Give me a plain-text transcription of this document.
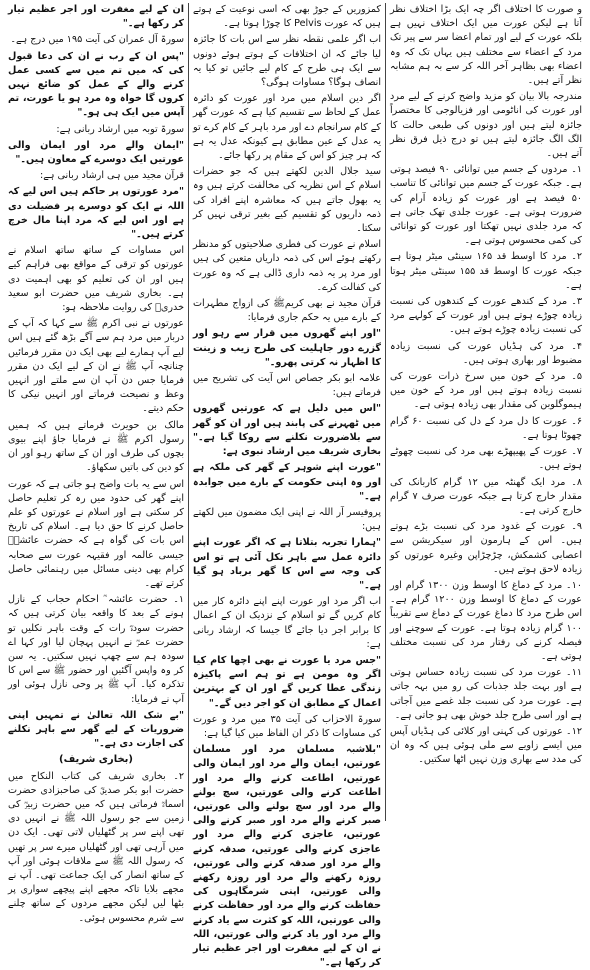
و صورت کا اختلاف اگر چہ ایک بڑا اختلاف نظر آتا ہے لیکن عورت میں ایک اختلاف نہیں ہے بلکہ عورت کے لیے اور تمام اعضا سر سے پیر تک مرد کے اعضاء سے مختلف ہیں یہاں تک کہ وہ اعضاء بھی بظاہر آخر اللہ کر سے بہ ہم مشابہ نظر آتے ہیں۔

مندرجہ بالا بیان کو مزید واضح کرنے کے لیے مرد اور عورت کی اناٹومی اور فزیالوجی کا مختصراً جائزہ لیتے ہیں اور دونوں کی طبعی حالت کا الگ الگ جائزہ لیتے ہیں تو درج ذیل فرق نظر آتے ہیں۔

۱۔ مردوں کے جسم میں توانائی ۹۰ فیصد ہوتی ہے۔ جبکہ عورت کے جسم میں توانائی کا تناسب ۵۰ فیصد ہے اور عورت کو زیادہ آرام کی ضرورت ہوتی ہے۔ عورت جلدی تھک جاتی ہے کہ مرد جلدی نہیں تھکتا اور عورت کو توانائی کی کمی محسوس ہوتی ہے۔

۲۔ مرد کا اوسط قد ۱۶۵ سینٹی میٹر ہوتا ہے جبکہ عورت کا اوسط قد ۱۵۵ سینٹی میٹر ہوتا ہے۔

۳۔ مرد کے کندھے عورت کے کندھوں کی نسبت زیادہ چوڑے ہوتے ہیں اور عورت کے کولہے مرد کی نسبت زیادہ چوڑے ہوتے ہیں۔

۴۔ مرد کی ہڈیاں عورت کی نسبت زیادہ مضبوط اور بھاری ہوتی ہیں۔

۵۔ مرد کے خون میں سرخ ذرات عورت کی نسبت زیادہ ہوتے ہیں اور مرد کے خون میں ہیموگلوبن کی مقدار بھی زیادہ ہوتی ہے۔

۶۔ عورت کا دل مرد کے دل کی نسبت ۶۰ گرام چھوٹا ہوتا ہے۔

۷۔ عورت کے پھیپھڑے بھی مرد کی نسبت چھوٹے ہوتے ہیں۔

۸۔ مرد ایک گھنٹہ میں ۱۲ گرام کاربانک کی مقدار خارج کرتا ہے جبکہ عورت صرف ۷ گرام خارج کرتی ہے۔

۹۔ عورت کے غدود مرد کی نسبت بڑے ہوتے ہیں۔ اس کے ہارمون اور سیکریشن سے اعصابی کشمکش، چڑچڑاپن وغیرہ عورتوں کو زیادہ لاحق ہوتے ہیں۔

۱۰۔ مرد کے دماغ کا اوسط وزن ۱۳۰۰ گرام اور عورت کے دماغ کا اوسط وزن ۱۲۰۰ گرام ہے۔ اس طرح مرد کا دماغ عورت کے دماغ سے تقریباً ۱۰۰ گرام زیادہ ہوتا ہے۔ عورت کے سوچنے اور فیصلہ کرنے کی رفتار مرد کی نسبت مختلف ہوتی ہے۔

۱۱۔ عورت مرد کی نسبت زیادہ حساس ہوتی ہے اور بہت جلد جذبات کی رو میں بہہ جاتی ہے۔ عورت مرد کی نسبت جلد غصے میں آجاتی ہے اور اسی طرح جلد خوش بھی ہو جاتی ہے۔

۱۲۔ عورتوں کی کہنی اور کلائی کی ہڈیاں آپس میں ایسے زاویے سے ملی ہوئی ہیں کہ وہ ان کی مدد سے بھاری وزن نہیں اٹھا سکتیں۔

کمزوریں کے جوڑ بھی کہ اسی نوعیت کے ہوتے ہیں کہ عورت Pelvis کا چوڑا ہوتا ہے۔

اب اگر علمی نقطہ نظر سے اس بات کا جائزہ لیا جائے کہ ان اختلافات کے ہوتے ہوئے دونوں سے ایک ہی طرح کے کام لیے جائیں تو کیا یہ انصاف ہوگا؟ مساوات ہوگی؟

اگر دین اسلام میں مرد اور عورت کو دائرہ عمل کے لحاظ سے تقسیم کیا ہے کہ عورت گھر کے کام سرانجام دے اور مرد باہر کے کام کرے تو یہ عدل کے عین مطابق ہے کیونکہ عدل یہ ہے کہ ہر چیز کو اس کے مقام پر رکھا جائے۔

سید جلال الدین لکھتے ہیں کہ جو حضرات اسلام کے اس نظریہ کی مخالفت کرتے ہیں وہ یہ بھول جاتے ہیں کہ معاشرہ اپنے افراد کی ذمہ داریوں کو تقسیم کیے بغیر ترقی نہیں کر سکتا۔

اسلام نے عورت کی فطری صلاحیتوں کو مدنظر رکھتے ہوئے اس کی ذمہ داریاں متعین کی ہیں اور مرد پر یہ ذمہ داری ڈالی ہے کہ وہ عورت کی کفالت کرے۔

قرآن مجید نے بھی کریمﷺ کی ازواج مطہرات کے بارے میں یہ حکم جاری فرمایا:

"اور اپنے گھروں میں قرار سے رہو اور گزرے دور جاہلیت کی طرح زیب و زینت کا اظہار نہ کرتی پھرو۔"

علامہ ابو بکر جصاص اس آیت کی تشریح میں فرماتے ہیں:

"اس میں دلیل ہے کہ عورتیں گھروں میں ٹھہرنے کی پابند ہیں اور ان کو گھر سے بلاضرورت نکلنے سے روکا گیا ہے۔" بخاری شریف میں ارشاد نبوی ہے:

"عورت اپنے شوہر کے گھر کی ملکہ ہے اور وہ اپنی حکومت کے بارے میں جوابدہ ہے۔"

پروفیسر آر اللہ نے اپنی ایک مضمون میں لکھتے ہیں:

"ہمارا تجربہ بتلاتا ہے کہ اگر عورت اپنے دائرہ عمل سے باہر نکل آئی ہے تو اس کی وجہ سے اس کا گھر برباد ہو گیا ہے۔"

اب اگر مرد اور عورت اپنے اپنے دائرہ کار میں کام کریں گے تو اسلام کے نزدیک ان کے اعمال کا برابر اجر دیا جائے گا جیسا کہ ارشاد ربانی ہے:

"جس مرد یا عورت نے بھی اچھا کام کیا اگر وہ مومن ہے تو ہم اسے پاکیزہ زندگی عطا کریں گے اور ان کے بہترین اعمال کے مطابق ان کو اجر دیں گے۔"

سورۃ الاحزاب کی آیت ۳۵ میں مرد و عورت کی مساوات کا ذکر ان الفاظ میں کیا گیا ہے:

"بلاشبہ مسلمان مرد اور مسلمان عورتیں، ایمان والے مرد اور ایمان والی عورتیں، اطاعت کرنے والے مرد اور اطاعت کرنے والی عورتیں، سچ بولنے والے مرد اور سچ بولنے والی عورتیں، صبر کرنے والے مرد اور صبر کرنے والی عورتیں، عاجزی کرنے والے مرد اور عاجزی کرنے والی عورتیں، صدقہ کرنے والے مرد اور صدقہ کرنے والی عورتیں، روزہ رکھنے والے مرد اور روزہ رکھنے والی عورتیں، اپنی شرمگاہوں کی حفاظت کرنے والے مرد اور حفاظت کرنے والی عورتیں، اللہ کو کثرت سے یاد کرنے والے مرد اور یاد کرنے والی عورتیں، اللہ نے ان کے لیے مغفرت اور اجر عظیم تیار کر رکھا ہے۔"

ان کے لیے مغفرت اور اجر عظیم تیار کر رکھا ہے۔"

سورۃ آل عمران کی آیت ۱۹۵ میں درج ہے۔

"پس ان کے رب نے ان کی دعا قبول کی کہ میں تم میں سے کسی عمل کرنے والے کے عمل کو ضائع نہیں کروں گا خواہ وہ مرد ہو یا عورت، تم آپس میں ایک ہی ہو۔"

سورۃ توبہ میں ارشاد ربانی ہے:

"ایمان والے مرد اور ایمان والی عورتیں ایک دوسرے کے معاون ہیں۔"

قرآن مجید میں ہی ارشاد ربانی ہے:

"مرد عورتوں پر حاکم ہیں اس لیے کہ اللہ نے ایک کو دوسرے پر فضیلت دی ہے اور اس لیے کہ مرد اپنا مال خرچ کرتے ہیں۔"

اس مساوات کے ساتھ ساتھ اسلام نے عورتوں کو ترقی کے مواقع بھی فراہم کیے ہیں اور ان کی تعلیم کو بھی اہمیت دی ہے۔ بخاری شریف میں حضرت ابو سعید خدریؓ کی روایت ملاحظہ ہو:

عورتوں نے نبی اکرم ﷺ سے کہا کہ آپ کے دربار میں مرد ہم سے آگے بڑھ گئے ہیں اس لیے آپ ہمارے لیے بھی ایک دن مقرر فرمائیں چنانچہ آپ ﷺ نے ان کے لیے ایک دن مقرر فرمایا جس دن آپ ان سے ملتے اور انہیں وعظ و نصیحت فرماتے اور انہیں نیکی کا حکم دیتے۔

مالک بن حویرث فرماتے ہیں کہ ہمیں رسول اکرم ﷺ نے فرمایا جاؤ اپنے بیوی بچوں کی طرف اور ان کے ساتھ رہو اور ان کو دین کی باتیں سکھاؤ۔

اس سے یہ بات واضح ہو جاتی ہے کہ عورت اپنے گھر کی حدود میں رہ کر تعلیم حاصل کر سکتی ہے اور اسلام نے عورتوں کو علم حاصل کرنے کا حق دیا ہے۔ اسلام کی تاریخ اس بات کی گواہ ہے کہ حضرت عائشہؓ جیسی عالمہ اور فقیہہ عورت سے صحابہ کرام بھی دینی مسائل میں رہنمائی حاصل کرتے تھے۔

۱۔ حضرت عائشہ ؓ احکام حجاب کے نازل ہونے کے بعد کا واقعہ بیان کرتی ہیں کہ حضرت سودہؓ رات کے وقت باہر نکلیں تو حضرت عمرؓ نے انہیں پہچان لیا اور کہا اے سودہ ہم سے چھپ نہیں سکتیں۔ یہ سن کر وہ واپس آگئیں اور حضور ﷺ سے اس کا تذکرہ کیا۔ آپ ﷺ پر وحی نازل ہوئی اور آپ نے فرمایا:

"بے شک اللہ تعالیٰ نے تمہیں اپنی ضروریات کے لیے گھر سے باہر نکلنے کی اجازت دی ہے۔"

(بخاری شریف)

۲۔ بخاری شریف کی کتاب النکاح میں حضرت ابو بکر صدیقؓ کی صاحبزادی حضرت اسماءؓ فرماتی ہیں کہ میں حضرت زبیرؓ کی زمین سے جو رسول اللہ ﷺ نے انہیں دی تھی اپنے سر پر گٹھلیاں لاتی تھی۔ ایک دن میں آرہی تھی اور گٹھلیاں میرے سر پر تھیں کہ رسول اللہ ﷺ سے ملاقات ہوئی اور آپ کے ساتھ انصار کی ایک جماعت تھی۔ آپ نے مجھے بلایا تاکہ مجھے اپنے پیچھے سواری پر بٹھا لیں لیکن مجھے مردوں کے ساتھ چلنے سے شرم محسوس ہوئی۔
